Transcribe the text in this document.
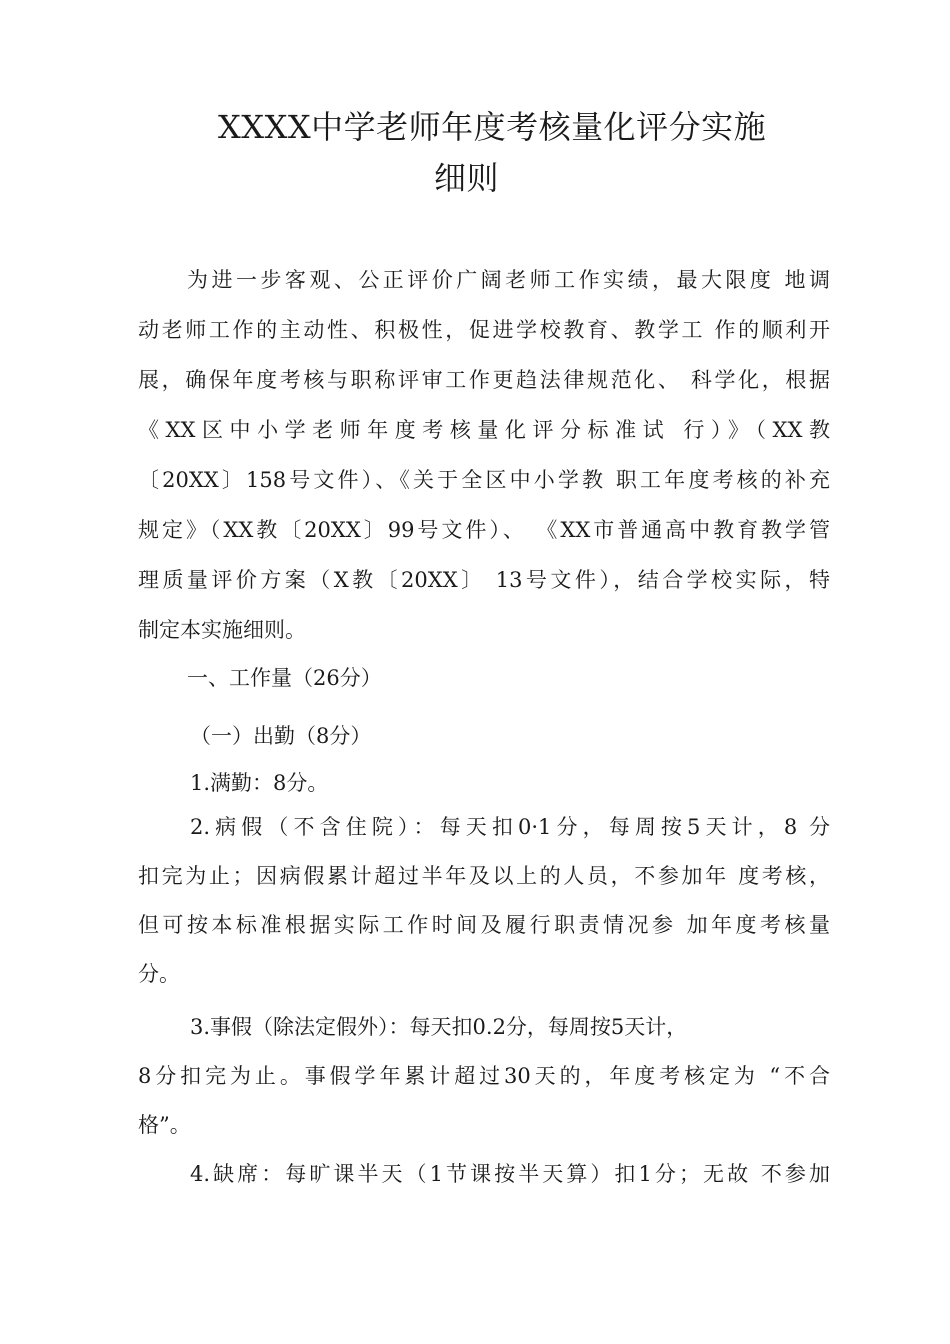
XXXX中学老师年度考核量化评分实施
细则
为进一步客观、公正评价广阔老师工作实绩，最大限度 地调
动老师工作的主动性、积极性，促进学校教育、教学工 作的顺利开
展，确保年度考核与职称评审工作更趋法律规范化、 科学化，根据
《XX区中小学老师年度考核量化评分标准试 行）》（XX教
〔20XX〕158号文件）、《关于全区中小学教 职工年度考核的补充
规定》（XX教〔20XX〕99号文件）、 《XX市普通高中教育教学管
理质量评价方案（X教〔20XX〕 13号文件），结合学校实际，特
制定本实施细则。
一、工作量（26分）
（一）出勤（8分）
1.满勤：8分。
2.病假（不含住院）：每天扣0·1分，每周按5天计，8 分
扣完为止；因病假累计超过半年及以上的人员，不参加年 度考核，
但可按本标准根据实际工作时间及履行职责情况参 加年度考核量
分。
3.事假（除法定假外）：每天扣0.2分，每周按5天计，
8分扣完为止。事假学年累计超过30天的，年度考核定为 “不合
格”。
4.缺席：每旷课半天（1节课按半天算）扣1分；无故 不参加
